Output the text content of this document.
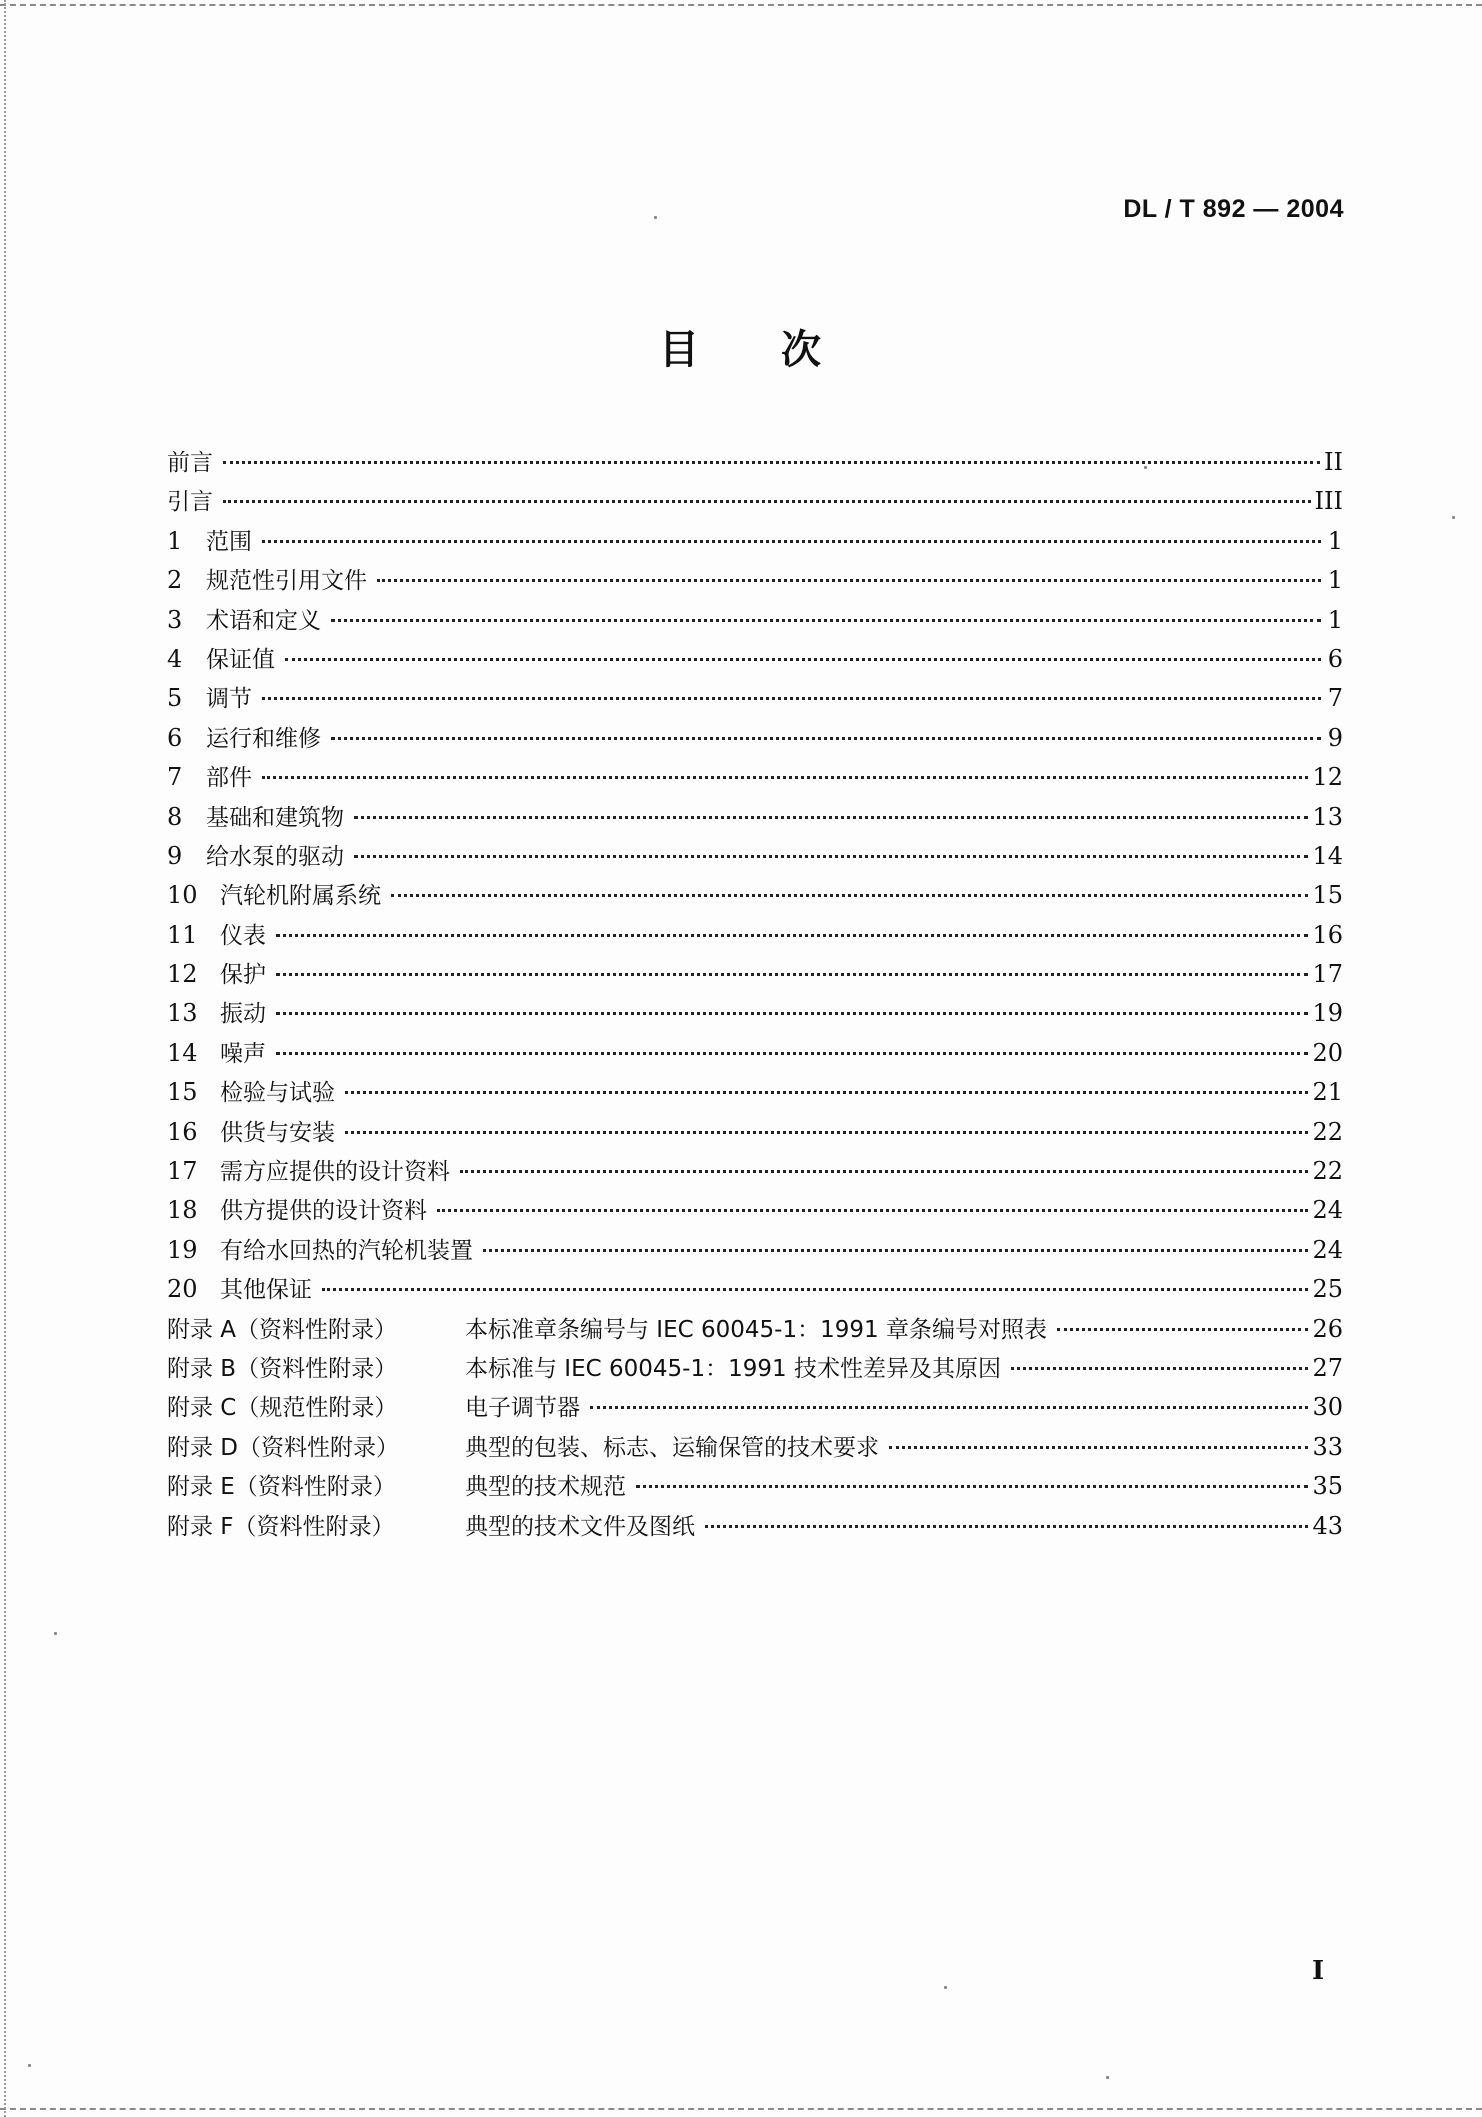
DL / T 892 — 2004
目 次
前言	II
引言	III
1	范围	1
2	规范性引用文件	1
3	术语和定义	1
4	保证值	6
5	调节	7
6	运行和维修	9
7	部件	12
8	基础和建筑物	13
9	给水泵的驱动	14
10 汽轮机附属系统	15
11 仪表	16
12 保护	17
13 振动	19
14 噪声	20
15 检验与试验	21
16 供货与安装	22
17 需方应提供的设计资料	22
18 供方提供的设计资料	24
19 有给水回热的汽轮机装置	24
20 其他保证	25
附录 A（资料性附录）	本标准章条编号与 IEC 60045-1：1991 章条编号对照表	26
附录 B（资料性附录）	本标准与 IEC 60045-1：1991 技术性差异及其原因	27
附录 C（规范性附录）	电子调节器	30
附录 D（资料性附录）	典型的包装、标志、运输保管的技术要求	33
附录 E（资料性附录）	典型的技术规范	35
附录 F（资料性附录）	典型的技术文件及图纸	43
I
